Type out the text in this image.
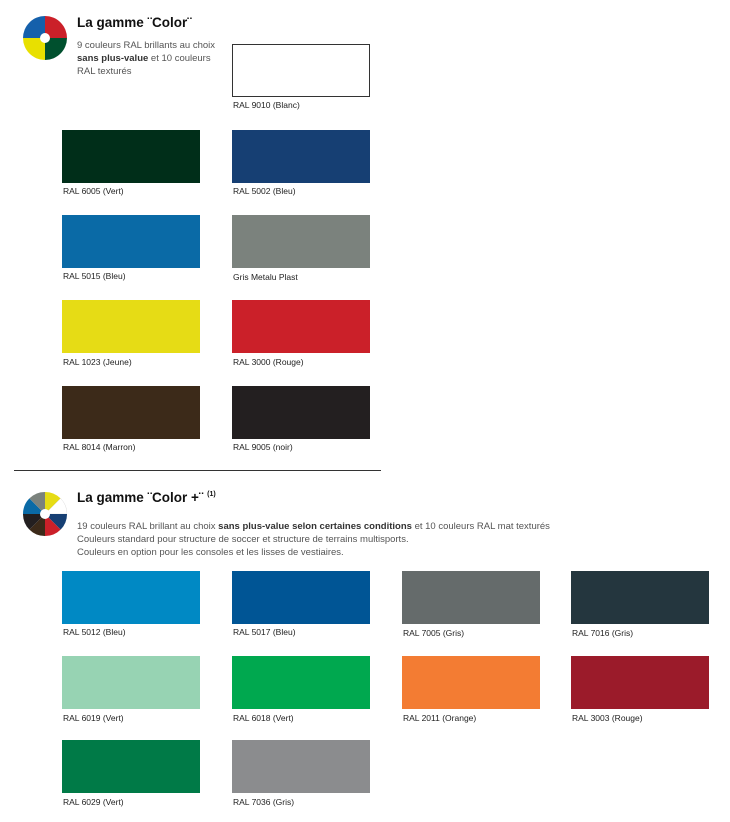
La gamme ¨Color¨
9 couleurs RAL brillants au choix sans plus-value et 10 couleurs RAL texturés
RAL 9010 (Blanc)
RAL 6005 (Vert)	RAL 5002 (Bleu)
RAL 5015 (Bleu)	Gris Metalu Plast
RAL 1023 (Jeune)	RAL 3000 (Rouge)
RAL 8014 (Marron)	RAL 9005 (noir)
La gamme ¨Color +¨ $^{(1)}$
19 couleurs RAL brillant au choix sans plus-value selon certaines conditions et 10 couleurs RAL mat texturés
Couleurs standard pour structure de soccer et structure de terrains multisports.
Couleurs en option pour les consoles et les lisses de vestiaires.
RAL 5012 (Bleu)	RAL 5017 (Bleu)	RAL 7005 (Gris)	RAL 7016 (Gris)
RAL 6019 (Vert)	RAL 6018 (Vert)	RAL 2011 (Orange)	RAL 3003 (Rouge)
RAL 6029 (Vert)	RAL 7036 (Gris)
